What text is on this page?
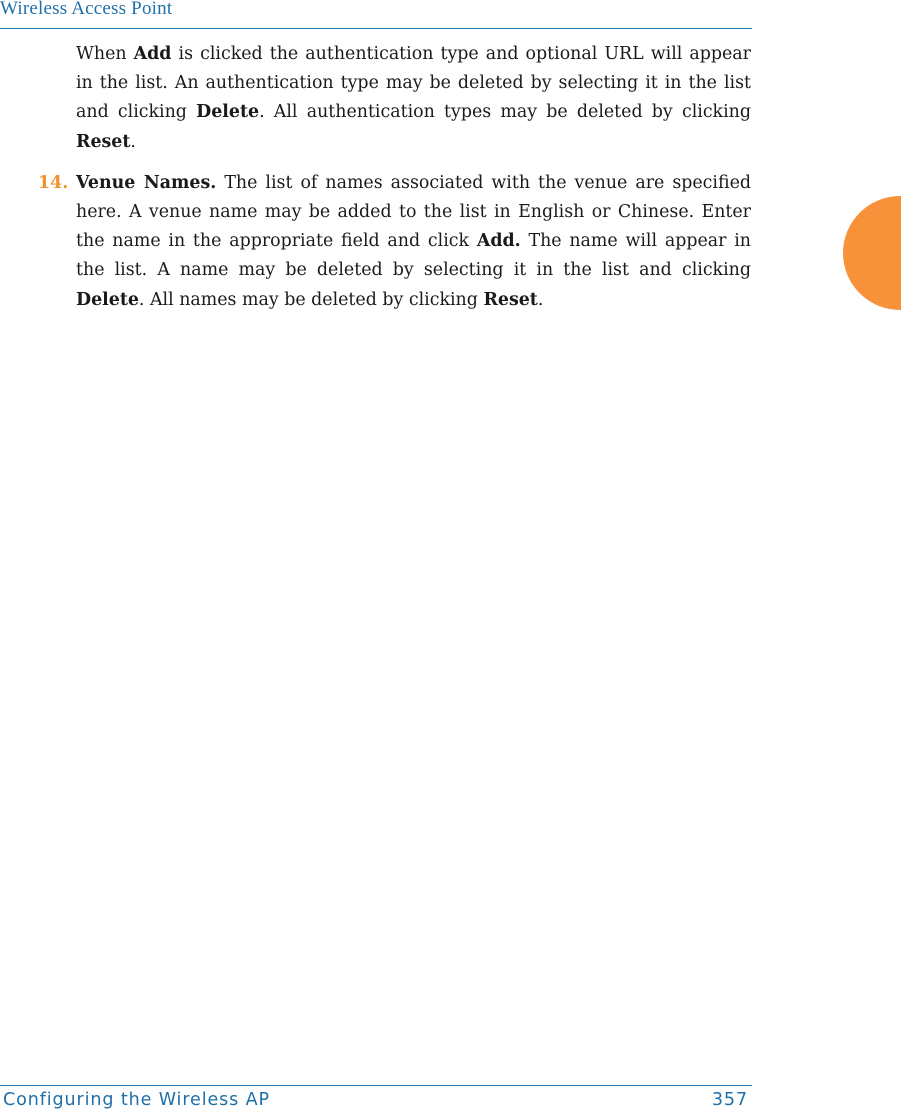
Wireless Access Point

When Add is clicked the authentication type and optional URL will appear in the list. An authentication type may be deleted by selecting it in the list and clicking Delete. All authentication types may be deleted by clicking Reset.

14. Venue Names. The list of names associated with the venue are specified here. A venue name may be added to the list in English or Chinese. Enter the name in the appropriate field and click Add. The name will appear in the list. A name may be deleted by selecting it in the list and clicking Delete. All names may be deleted by clicking Reset.

Configuring the Wireless AP	357
